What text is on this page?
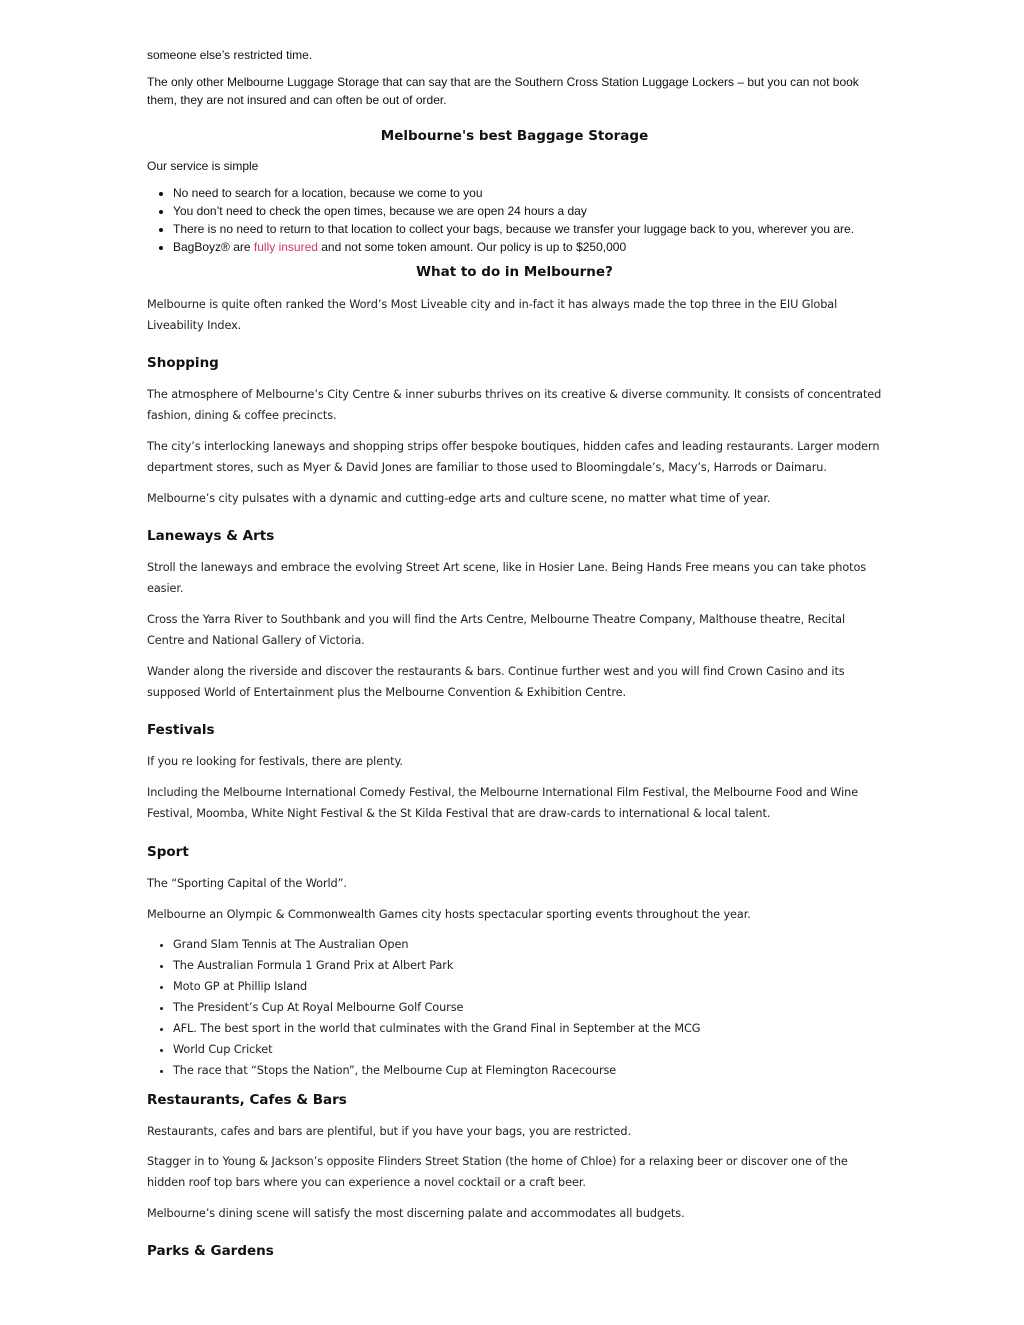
someone else’s restricted time.

The only other Melbourne Luggage Storage that can say that are the Southern Cross Station Luggage Lockers – but you can not book them, they are not insured and can often be out of order.

Melbourne's best Baggage Storage

Our service is simple

• No need to search for a location, because we come to you
• You don’t need to check the open times, because we are open 24 hours a day
• There is no need to return to that location to collect your bags, because we transfer your luggage back to you, wherever you are.
• BagBoyz® are fully insured and not some token amount. Our policy is up to $250,000
What to do in Melbourne?

Melbourne is quite often ranked the Word’s Most Liveable city and in-fact it has always made the top three in the EIU Global Liveability Index.

Shopping

The atmosphere of Melbourne’s City Centre & inner suburbs thrives on its creative & diverse community. It consists of concentrated fashion, dining & coffee precincts.

The city’s interlocking laneways and shopping strips offer bespoke boutiques, hidden cafes and leading restaurants. Larger modern department stores, such as Myer & David Jones are familiar to those used to Bloomingdale’s, Macy’s, Harrods or Daimaru.

Melbourne’s city pulsates with a dynamic and cutting-edge arts and culture scene, no matter what time of year.

Laneways & Arts

Stroll the laneways and embrace the evolving Street Art scene, like in Hosier Lane. Being Hands Free means you can take photos easier.

Cross the Yarra River to Southbank and you will find the Arts Centre, Melbourne Theatre Company, Malthouse theatre, Recital Centre and National Gallery of Victoria.

Wander along the riverside and discover the restaurants & bars. Continue further west and you will find Crown Casino and its supposed World of Entertainment plus the Melbourne Convention & Exhibition Centre.

Festivals

If you re looking for festivals, there are plenty.

Including the Melbourne International Comedy Festival, the Melbourne International Film Festival, the Melbourne Food and Wine Festival, Moomba, White Night Festival & the St Kilda Festival that are draw-cards to international & local talent.

Sport

The “Sporting Capital of the World”.

Melbourne an Olympic & Commonwealth Games city hosts spectacular sporting events throughout the year.

• Grand Slam Tennis at The Australian Open
• The Australian Formula 1 Grand Prix at Albert Park
• Moto GP at Phillip Island
• The President’s Cup At Royal Melbourne Golf Course
• AFL. The best sport in the world that culminates with the Grand Final in September at the MCG
• World Cup Cricket
• The race that “Stops the Nation”, the Melbourne Cup at Flemington Racecourse
Restaurants, Cafes & Bars

Restaurants, cafes and bars are plentiful, but if you have your bags, you are restricted.

Stagger in to Young & Jackson’s opposite Flinders Street Station (the home of Chloe) for a relaxing beer or discover one of the hidden roof top bars where you can experience a novel cocktail or a craft beer.

Melbourne’s dining scene will satisfy the most discerning palate and accommodates all budgets.

Parks & Gardens
